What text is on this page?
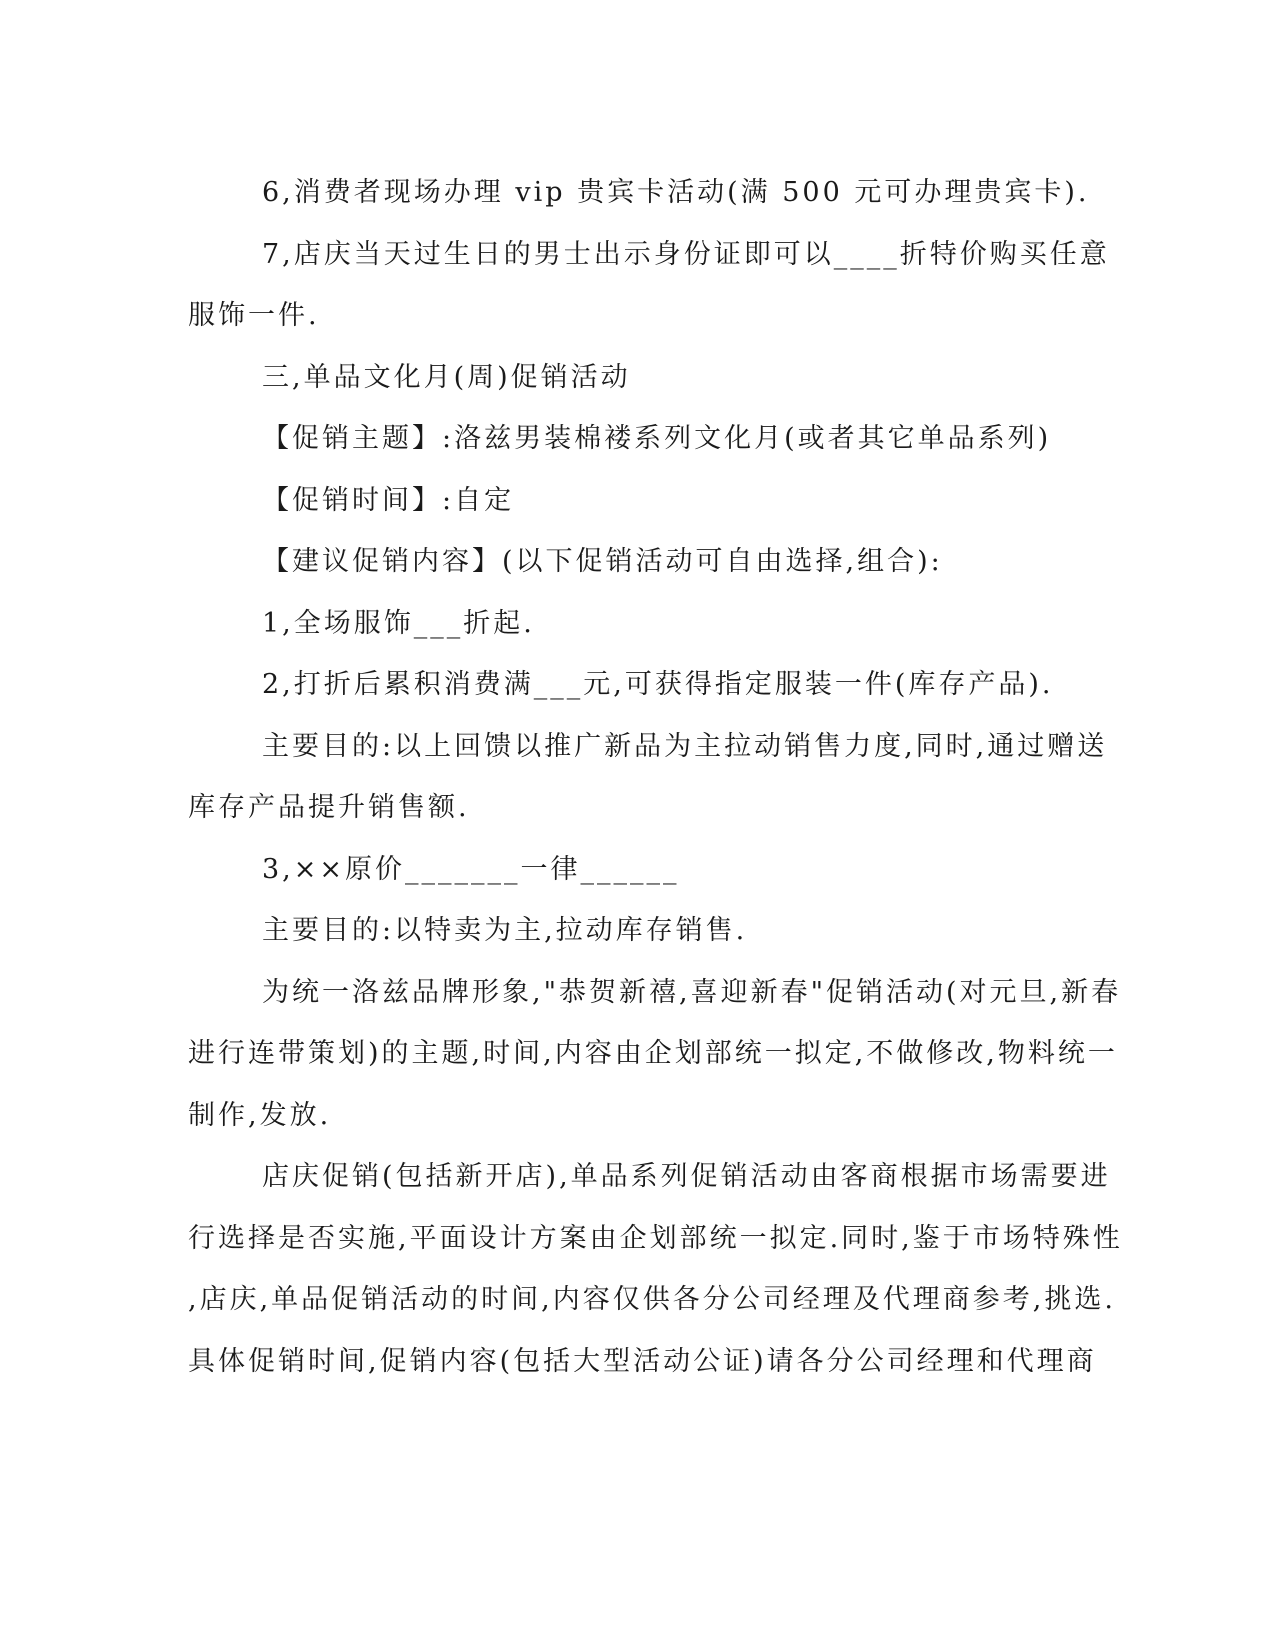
6,消费者现场办理 vip 贵宾卡活动(满 500 元可办理贵宾卡).
7,店庆当天过生日的男士出示身份证即可以____折特价购买任意
服饰一件.
三,单品文化月(周)促销活动
【促销主题】:洛兹男装棉褛系列文化月(或者其它单品系列)
【促销时间】:自定
【建议促销内容】(以下促销活动可自由选择,组合):
1,全场服饰___折起.
2,打折后累积消费满___元,可获得指定服装一件(库存产品).
主要目的:以上回馈以推广新品为主拉动销售力度,同时,通过赠送
库存产品提升销售额.
3,××原价_______一律______
主要目的:以特卖为主,拉动库存销售.
为统一洛兹品牌形象,"恭贺新禧,喜迎新春"促销活动(对元旦,新春
进行连带策划)的主题,时间,内容由企划部统一拟定,不做修改,物料统一
制作,发放.
店庆促销(包括新开店),单品系列促销活动由客商根据市场需要进
行选择是否实施,平面设计方案由企划部统一拟定.同时,鉴于市场特殊性
,店庆,单品促销活动的时间,内容仅供各分公司经理及代理商参考,挑选.
具体促销时间,促销内容(包括大型活动公证)请各分公司经理和代理商
